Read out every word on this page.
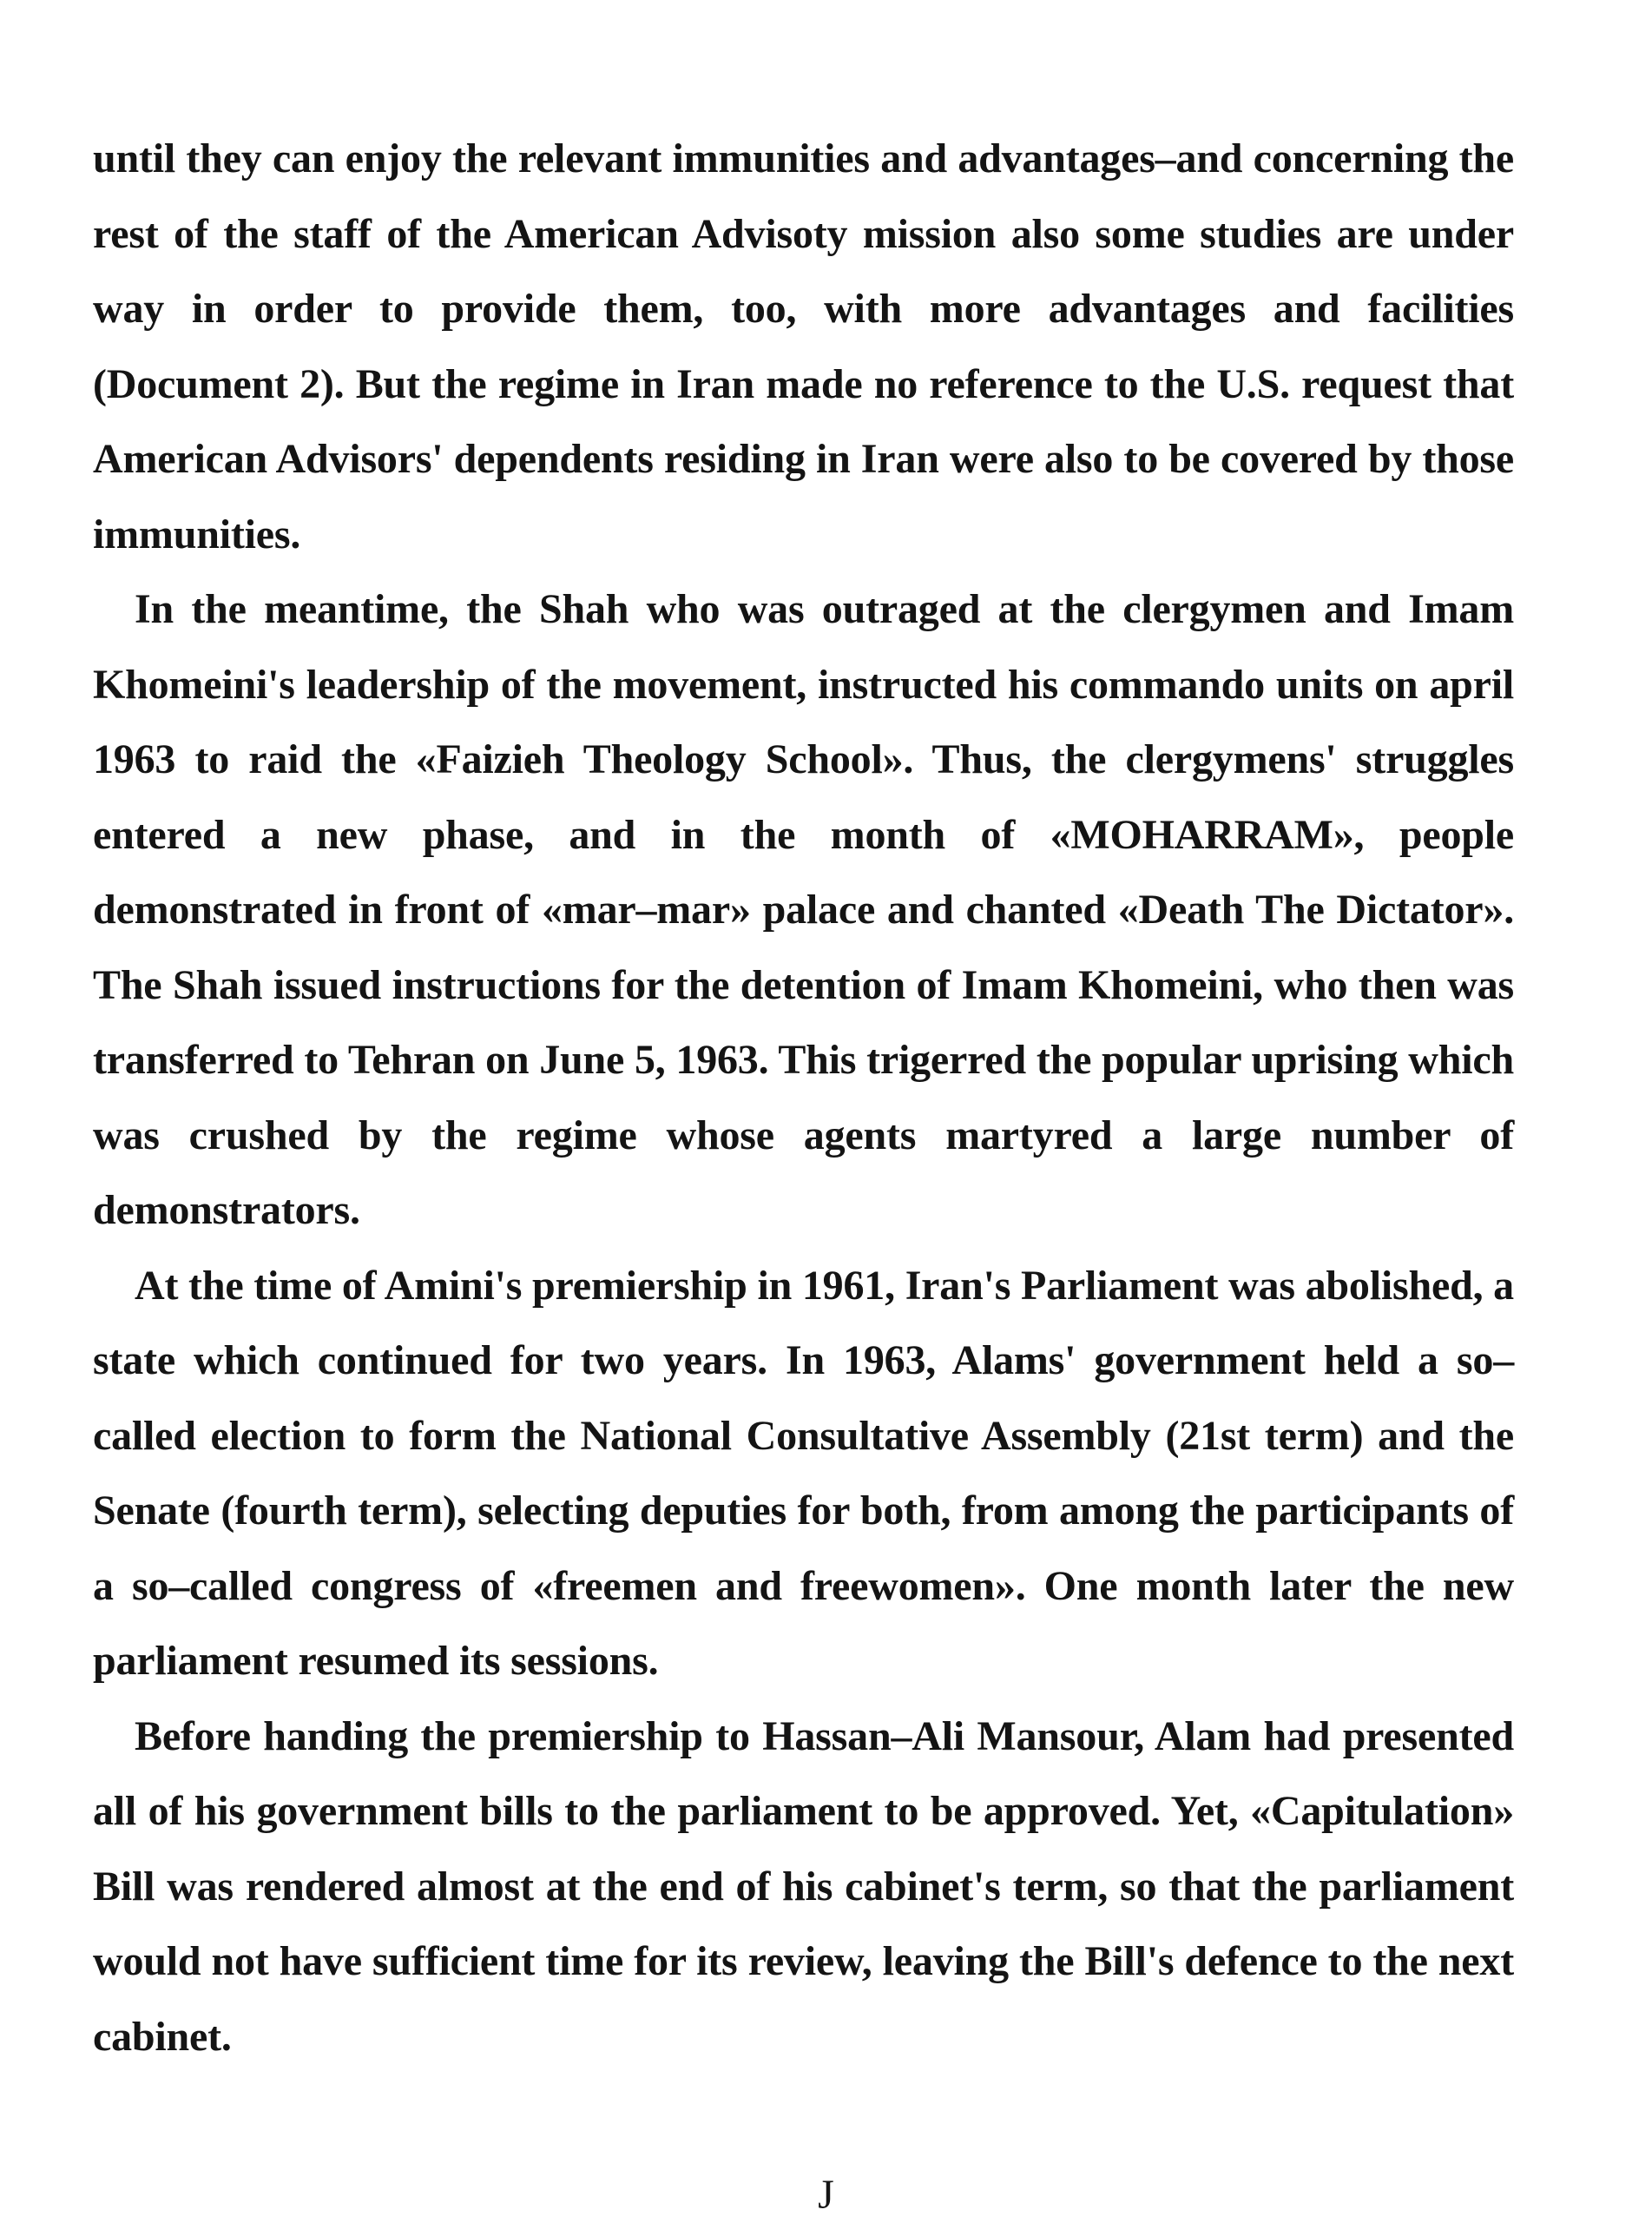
until they can enjoy the relevant immunities and advantages–and concerning the rest of the staff of the American Advisoty mission also some studies are under way in order to provide them, too, with more advantages and facilities (Document 2). But the regime in Iran made no reference to the U.S. request that American Advisors' dependents residing in Iran were also to be covered by those immunities.

In the meantime, the Shah who was outraged at the clergymen and Imam Khomeini's leadership of the movement, instructed his commando units on april 1963 to raid the «Faizieh Theology School». Thus, the clergymens' struggles entered a new phase, and in the month of «MOHARRAM», people demonstrated in front of «mar–mar» palace and chanted «Death The Dictator». The Shah issued instructions for the detention of Imam Khomeini, who then was transferred to Tehran on June 5, 1963. This trigerred the popular uprising which was crushed by the regime whose agents martyred a large number of demonstrators.

At the time of Amini's premiership in 1961, Iran's Parliament was abolished, a state which continued for two years. In 1963, Alams' government held a so–called election to form the National Consultative Assembly (21st term) and the Senate (fourth term), selecting deputies for both, from among the participants of a so–called congress of «freemen and freewomen». One month later the new parliament resumed its sessions.

Before handing the premiership to Hassan–Ali Mansour, Alam had presented all of his government bills to the parliament to be approved. Yet, «Capitulation» Bill was rendered almost at the end of his cabinet's term, so that the parliament would not have sufficient time for its review, leaving the Bill's defence to the next cabinet.

J
